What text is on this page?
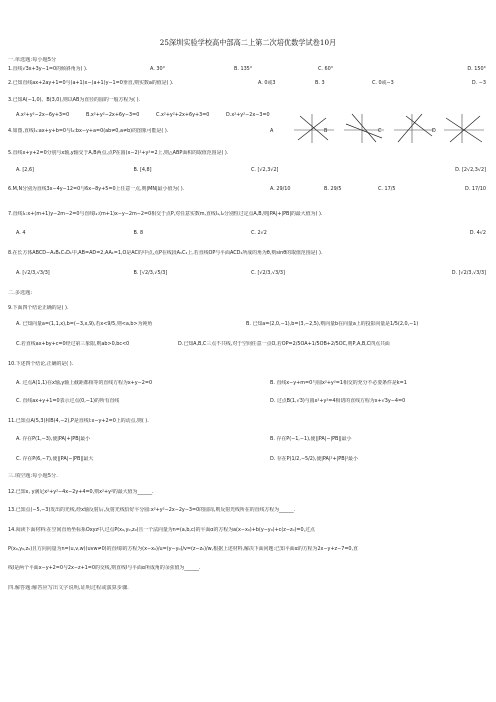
25深圳实验学校高中部高二上第二次培优数学试卷10月
一.单选题:每小题5分
1.直线√3x+3y−1=0的倾斜角为( ).	A. 30°	B. 135°	C. 60°	D. 150°
2.已知直线ax+2ay+1=0与(a+1)x−(a+1)y−1=0垂直,则实数a的值是( ).	A. 0或3	B. 3	C. 0或−3	D. −3
3.已知A(−1,0)、B(3,0),则以AB为直径的圆的一般方程为( ).
A.x²+y²−2x−6y+3=0	B.x²+y²−2x+6y−3=0	C.x²+y²+2x+6y+3=0	D.x²+y²−2x−3=0
4.如图,直线l₁:ax+y+b=0与l₂:bx−y+a=0(ab≠0,a≠b)的图象可能是( ).	A	B	C	D
5.直线x+y+2=0分别与x轴,y轴交于A,B两点,点P在圆(x−2)²+y²=2上,则△ABP面积的取值范围是( ).
A. [2,6]	B. [4,8]	C. [√2,3√2]	D. [2√2,3√2]
6.M,N分别为直线3x−4y−12=0与6x−8y+5=0上任意一点,则|MN|最小值为( ).	A. 29/10	B. 29/5	C. 17/5	D. 17/10
7.直线l₁:x+(m+1)y−2m−2=0与直线l₂:(m+1)x−y−2m−2=0相交于点P,对任意实数m,直线l₁,l₂分别恒过定点A,B,则|PA|+|PB|的最大值为( ).
A. 4	B. 8	C. 2√2	D. 4√2
8.在长方体ABCD−A₁B₁C₁D₁中,AB=AD=2,AA₁=1,O是AC的中点,点P在线段A₁C₁上,若直线OP与平面ACD₁所成的角为θ,则sinθ的取值范围是( ).
A. [√2/3,√3/3]	B. [√2/3,√5/3]	C. [√2/3,√3/3]	D. [√2/3,√3/3]
二.多选题:
9.下面四个结论正确的是( ).
A. 已知向量a=(1,1,x),b=(−3,x,9),若x<9/5,则<a,b>为钝角	B. 已知a=(2,0,−1),b=(3,−2,5),则向量b在向量a上的投影向量是1/5(2,0,−1)
C.若直线ax+by+c=0经过第三象限,则ab>0,bc<0	D.已知A,B,C三点不共线,对于空间任意一点O,若OP=2/5OA+1/5OB+2/5OC,则P,A,B,C四点共面
10.下述四个结论,正确的是( ).
A. 过点A(1,1)在x轴,y轴上截距都相等的直线方程为x+y−2=0	B. 直线x−y+m=0与圆x²+y²=1相交的充分不必要条件是k=1
C. 直线ax+y+1=0表示过点(0,−1)的所有直线	D. 过点B(1,√3)与圆x²+y²=4相切的直线方程为x+√3y−4=0
11.已知点A(5,3)和B(4,−2),P是直线l:x−y+2=0上的动点,则( ).
A. 存在P(1,−3),使|PA|+|PB|最小	B. 存在P(−1,−1),使||PA|−|PB||最小
C. 存在P(6,−7),使||PA|−|PB||最大	D. 存在P(1/2,−5/2),使|PA|²+|PB|²最小
三.填空题:每小题5分.
12.已知x, y满足x²+y²−4x−2y+4=0,则x²+y²的最大值为______.
13.已知点(−5,−3)发出的光线,经x轴反射后,反射光线恰好平分圆:x²+y²−2x−2y−3=0的圆周,则反射光线所在的直线方程为______.
14.阅读下面材料:在空间直角坐标系Oxyz中,过点P(x₀,y₀,z₀)且一个法向量为n=(a,b,c)的平面α的方程为a(x−x₀)+b(y−y₀)+c(z−z₀)=0,过点
P(x₀,y₀,z₀)且方向向量为n=(u,v,w)(uvw≠0)的直线l的方程为(x−x₀)/u=(y−y₀)/v=(z−z₀)/w,根据上述材料,解决下面问题:已知平面α的方程为2x−y+z−7=0,直
线l是两个平面x−y+2=0与2x−z+1=0的交线,则直线l与平面α所成角的余弦值为______.
四.解答题:解答应写出文字说明,证明过程或演算步骤.
